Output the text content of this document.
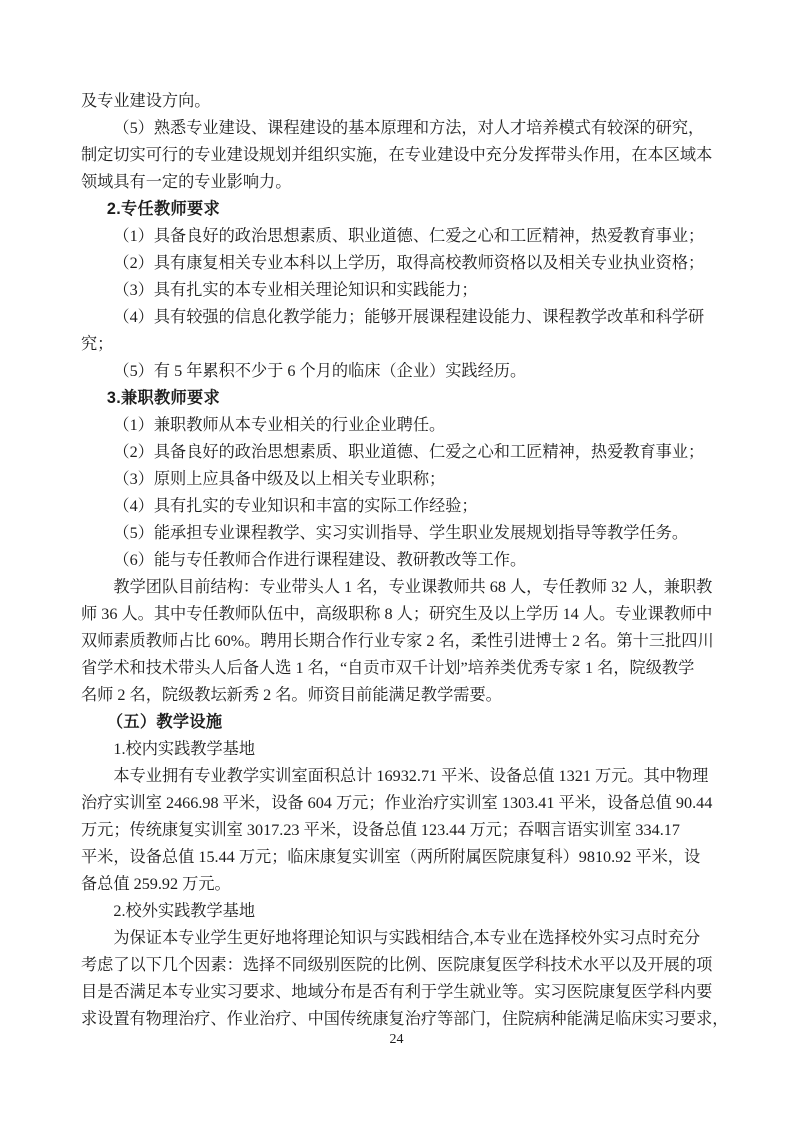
及专业建设方向。
（5）熟悉专业建设、课程建设的基本原理和方法，对人才培养模式有较深的研究，
制定切实可行的专业建设规划并组织实施，在专业建设中充分发挥带头作用，在本区域本
领域具有一定的专业影响力。
2.专任教师要求
（1）具备良好的政治思想素质、职业道德、仁爱之心和工匠精神，热爱教育事业；
（2）具有康复相关专业本科以上学历，取得高校教师资格以及相关专业执业资格；
（3）具有扎实的本专业相关理论知识和实践能力；
（4）具有较强的信息化教学能力；能够开展课程建设能力、课程教学改革和科学研
究；
（5）有 5 年累积不少于 6 个月的临床（企业）实践经历。
3.兼职教师要求
（1）兼职教师从本专业相关的行业企业聘任。
（2）具备良好的政治思想素质、职业道德、仁爱之心和工匠精神，热爱教育事业；
（3）原则上应具备中级及以上相关专业职称；
（4）具有扎实的专业知识和丰富的实际工作经验；
（5）能承担专业课程教学、实习实训指导、学生职业发展规划指导等教学任务。
（6）能与专任教师合作进行课程建设、教研教改等工作。
教学团队目前结构：专业带头人 1 名，专业课教师共 68 人，专任教师 32 人，兼职教
师 36 人。其中专任教师队伍中，高级职称 8 人；研究生及以上学历 14 人。专业课教师中
双师素质教师占比 60%。聘用长期合作行业专家 2 名，柔性引进博士 2 名。第十三批四川
省学术和技术带头人后备人选 1 名，“自贡市双千计划”培养类优秀专家 1 名，院级教学
名师 2 名，院级教坛新秀 2 名。师资目前能满足教学需要。
（五）教学设施
1.校内实践教学基地
本专业拥有专业教学实训室面积总计 16932.71 平米、设备总值 1321 万元。其中物理
治疗实训室 2466.98 平米，设备 604 万元；作业治疗实训室 1303.41 平米，设备总值 90.44
万元；传统康复实训室 3017.23 平米，设备总值 123.44 万元；吞咽言语实训室 334.17
平米，设备总值 15.44 万元；临床康复实训室（两所附属医院康复科）9810.92 平米，设
备总值 259.92 万元。
2.校外实践教学基地
为保证本专业学生更好地将理论知识与实践相结合,本专业在选择校外实习点时充分
考虑了以下几个因素：选择不同级别医院的比例、医院康复医学科技术水平以及开展的项
目是否满足本专业实习要求、地域分布是否有利于学生就业等。实习医院康复医学科内要
求设置有物理治疗、作业治疗、中国传统康复治疗等部门，住院病种能满足临床实习要求，
24
